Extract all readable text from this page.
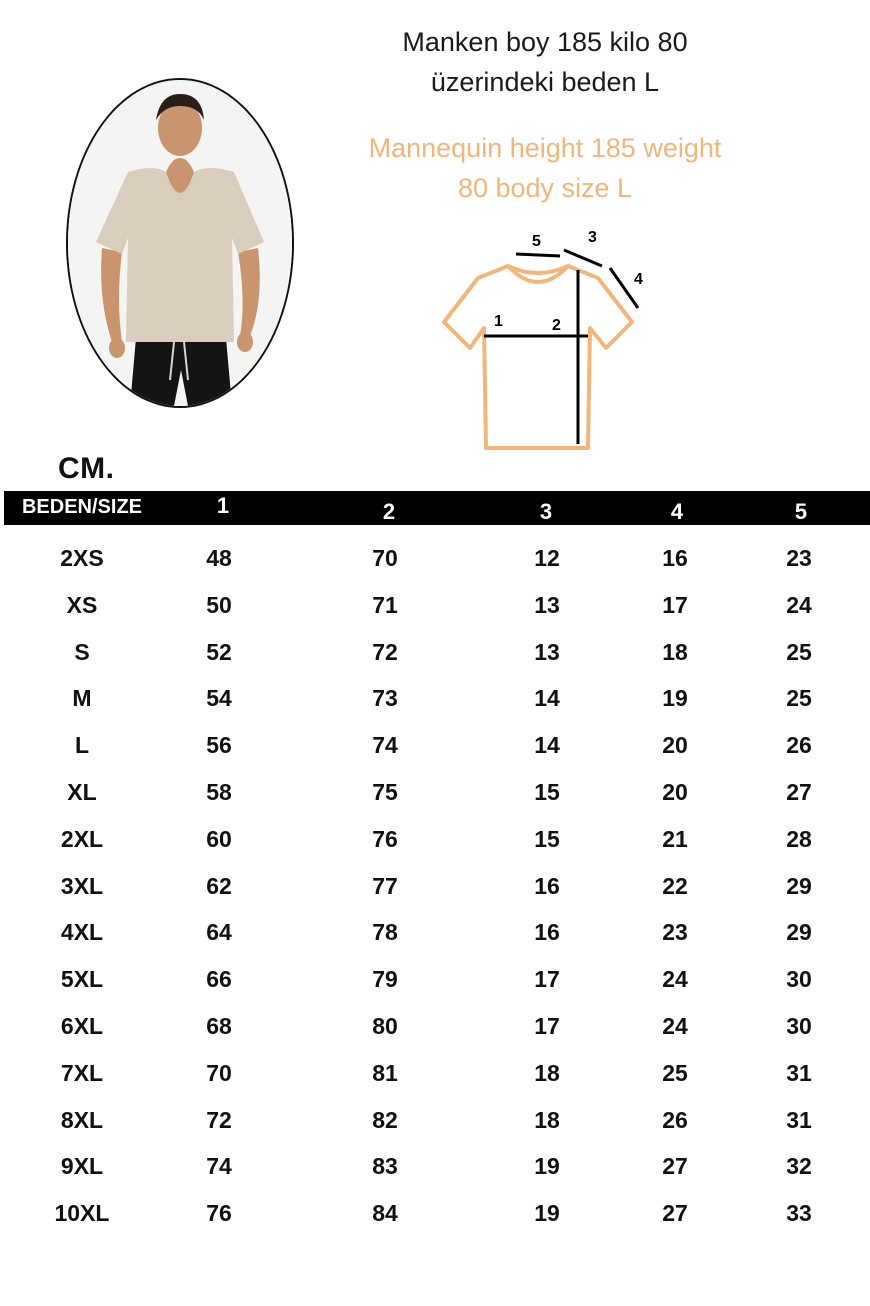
Manken boy 185 kilo 80
üzerindeki beden L
Mannequin height 185 weight
80 body size L
1	2
3
4
5
CM.
BEDEN/SIZE	1	2	3	4	5
2XS	48	70	12	16	23
XS	50	71	13	17	24
S	52	72	13	18	25
M	54	73	14	19	25
L	56	74	14	20	26
XL	58	75	15	20	27
2XL	60	76	15	21	28
3XL	62	77	16	22	29
4XL	64	78	16	23	29
5XL	66	79	17	24	30
6XL	68	80	17	24	30
7XL	70	81	18	25	31
8XL	72	82	18	26	31
9XL	74	83	19	27	32
10XL	76	84	19	27	33
